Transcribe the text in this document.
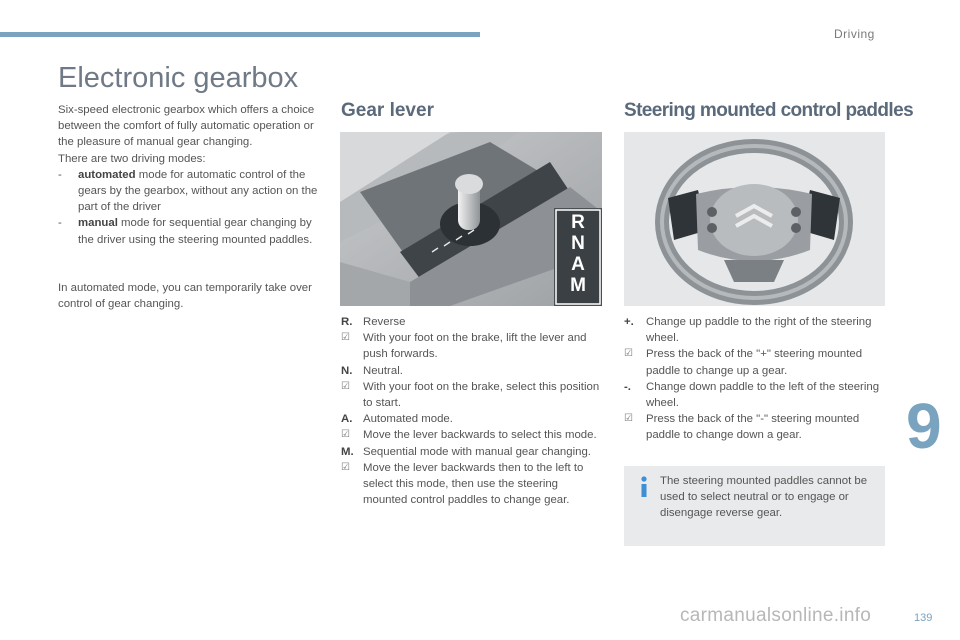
Driving
Electronic gearbox

Six-speed electronic gearbox which offers a choice between the comfort of fully automatic operation or the pleasure of manual gear changing.

There are two driving modes:

-	automated mode for automatic control of the gears by the gearbox, without any action on the part of the driver
-	manual mode for sequential gear changing by the driver using the steering mounted paddles.

In automated mode, you can temporarily take over control of gear changing.

Gear lever	Steering mounted control paddles
R
N
A
M
R. Reverse
☑	With your foot on the brake, lift the lever and push forwards.
N. Neutral.
☑	With your foot on the brake, select this position to start.
A. Automated mode.
☑	Move the lever backwards to select this mode.
M. Sequential mode with manual gear changing.
☑	Move the lever backwards then to the left to select this mode, then use the steering mounted control paddles to change gear.
+.	Change up paddle to the right of the steering wheel.
☑	Press the back of the "+" steering mounted paddle to change up a gear.
-.	Change down paddle to the left of the steering wheel.
☑	Press the back of the "-" steering mounted paddle to change down a gear.
The steering mounted paddles cannot be used to select neutral or to engage or disengage reverse gear.
9
139
carmanualsonline.info
